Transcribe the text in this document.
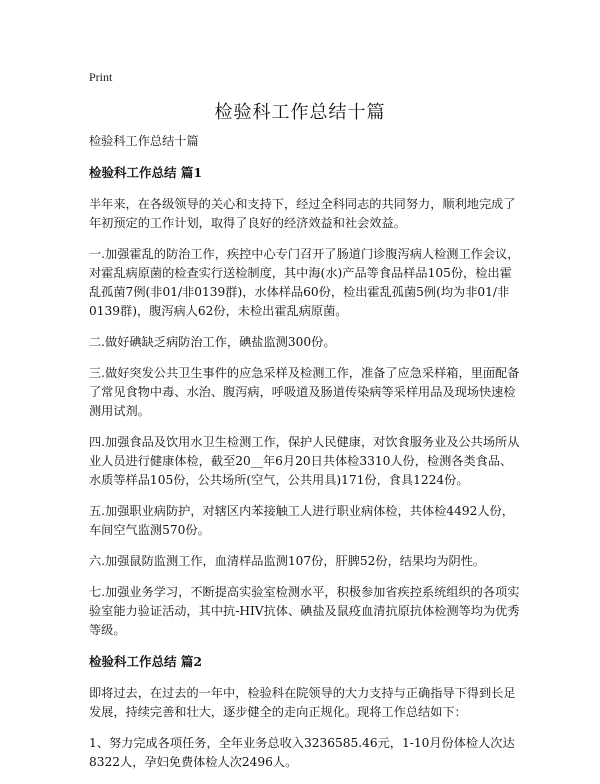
Print
检验科工作总结十篇

检验科工作总结十篇

检验科工作总结 篇1

半年来，在各级领导的关心和支持下，经过全科同志的共同努力，顺利地完成了年初预定的工作计划，取得了良好的经济效益和社会效益。

一.加强霍乱的防治工作，疾控中心专门召开了肠道门诊腹泻病人检测工作会议，对霍乱病原菌的检查实行送检制度，其中海(水)产品等食品样品105份，检出霍乱孤菌7例(非01/非0139群)，水体样品60份，检出霍乱孤菌5例(均为非01/非0139群)，腹泻病人62份，未检出霍乱病原菌。

二.做好碘缺乏病防治工作，碘盐监测300份。

三.做好突发公共卫生事件的应急采样及检测工作，准备了应急采样箱，里面配备了常见食物中毒、水治、腹泻病，呼吸道及肠道传染病等采样用品及现场快速检测用试剂。

四.加强食品及饮用水卫生检测工作，保护人民健康，对饮食服务业及公共场所从业人员进行健康体检，截至20__年6月20日共体检3310人份，检测各类食品、水质等样品105份，公共场所(空气，公共用具)171份，食具1224份。

五.加强职业病防护，对辖区内苯接触工人进行职业病体检，共体检4492人份，车间空气监测570份。

六.加强鼠防监测工作，血清样品监测107份，肝脾52份，结果均为阴性。

七.加强业务学习，不断提高实验室检测水平，积极参加省疾控系统组织的各项实验室能力验证活动，其中抗-HIV抗体、碘盐及鼠疫血清抗原抗体检测等均为优秀等级。

检验科工作总结 篇2

即将过去，在过去的一年中，检验科在院领导的大力支持与正确指导下得到长足发展，持续完善和壮大，逐步健全的走向正规化。现将工作总结如下：

1、努力完成各项任务，全年业务总收入3236585.46元，1-10月份体检人次达8322人，孕妇免费体检人次2496人。
